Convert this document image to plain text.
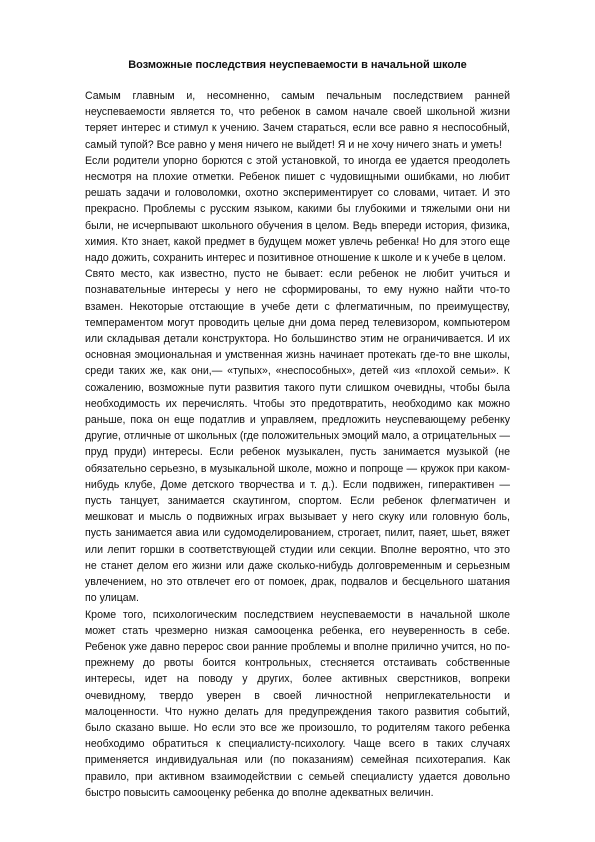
Возможные последствия неуспеваемости в начальной школе

Самым главным и, несомненно, самым печальным последствием ранней неуспеваемости является то, что ребенок в самом начале своей школьной жизни теряет интерес и стимул к учению. Зачем стараться, если все равно я неспособный, самый тупой? Все равно у меня ничего не выйдет! Я и не хочу ничего знать и уметь!

Если родители упорно борются с этой установкой, то иногда ее удается преодолеть несмотря на плохие отметки. Ребенок пишет с чудовищными ошибками, но любит решать задачи и головоломки, охотно экспериментирует со словами, читает. И это прекрасно. Проблемы с русским языком, какими бы глубокими и тяжелыми они ни были, не исчерпывают школьного обучения в целом. Ведь впереди история, физика, химия. Кто знает, какой предмет в будущем может увлечь ребенка! Но для этого еще надо дожить, сохранить интерес и позитивное отношение к школе и к учебе в целом.

Свято место, как известно, пусто не бывает: если ребенок не любит учиться и познавательные интересы у него не сформированы, то ему нужно найти что-то взамен. Некоторые отстающие в учебе дети с флегматичным, по преимуществу, темпераментом могут проводить целые дни дома перед телевизором, компьютером или складывая детали конструктора. Но большинство этим не ограничивается. И их основная эмоциональная и умственная жизнь начинает протекать где-то вне школы, среди таких же, как они,— «тупых», «неспособных», детей «из «плохой семьи». К сожалению, возможные пути развития такого пути слишком очевидны, чтобы была необходимость их перечислять. Чтобы это предотвратить, необходимо как можно раньше, пока он еще податлив и управляем, предложить неуспевающему ребенку другие, отличные от школьных (где положительных эмоций мало, а отрицательных — пруд пруди) интересы. Если ребенок музыкален, пусть занимается музыкой (не обязательно серьезно, в музыкальной школе, можно и попроще — кружок при каком-нибудь клубе, Доме детского творчества и т. д.). Если подвижен, гиперактивен — пусть танцует, занимается скаутингом, спортом. Если ребенок флегматичен и мешковат и мысль о подвижных играх вызывает у него скуку или головную боль, пусть занимается авиа или судомоделированием, строгает, пилит, паяет, шьет, вяжет или лепит горшки в соответствующей студии или секции. Вполне вероятно, что это не станет делом его жизни или даже сколько-нибудь долговременным и серьезным увлечением, но это отвлечет его от помоек, драк, подвалов и бесцельного шатания по улицам.

Кроме того, психологическим последствием неуспеваемости в начальной школе может стать чрезмерно низкая самооценка ребенка, его неуверенность в себе. Ребенок уже давно перерос свои ранние проблемы и вполне прилично учится, но по-прежнему до рвоты боится контрольных, стесняется отстаивать собственные интересы, идет на поводу у других, более активных сверстников, вопреки очевидному, твердо уверен в своей личностной неприглекательности и малоценности. Что нужно делать для предупреждения такого развития событий, было сказано выше. Но если это все же произошло, то родителям такого ребенка необходимо обратиться к специалисту-психологу. Чаще всего в таких случаях применяется индивидуальная или (по показаниям) семейная психотерапия. Как правило, при активном взаимодействии с семьей специалисту удается довольно быстро повысить самооценку ребенка до вполне адекватных величин.
